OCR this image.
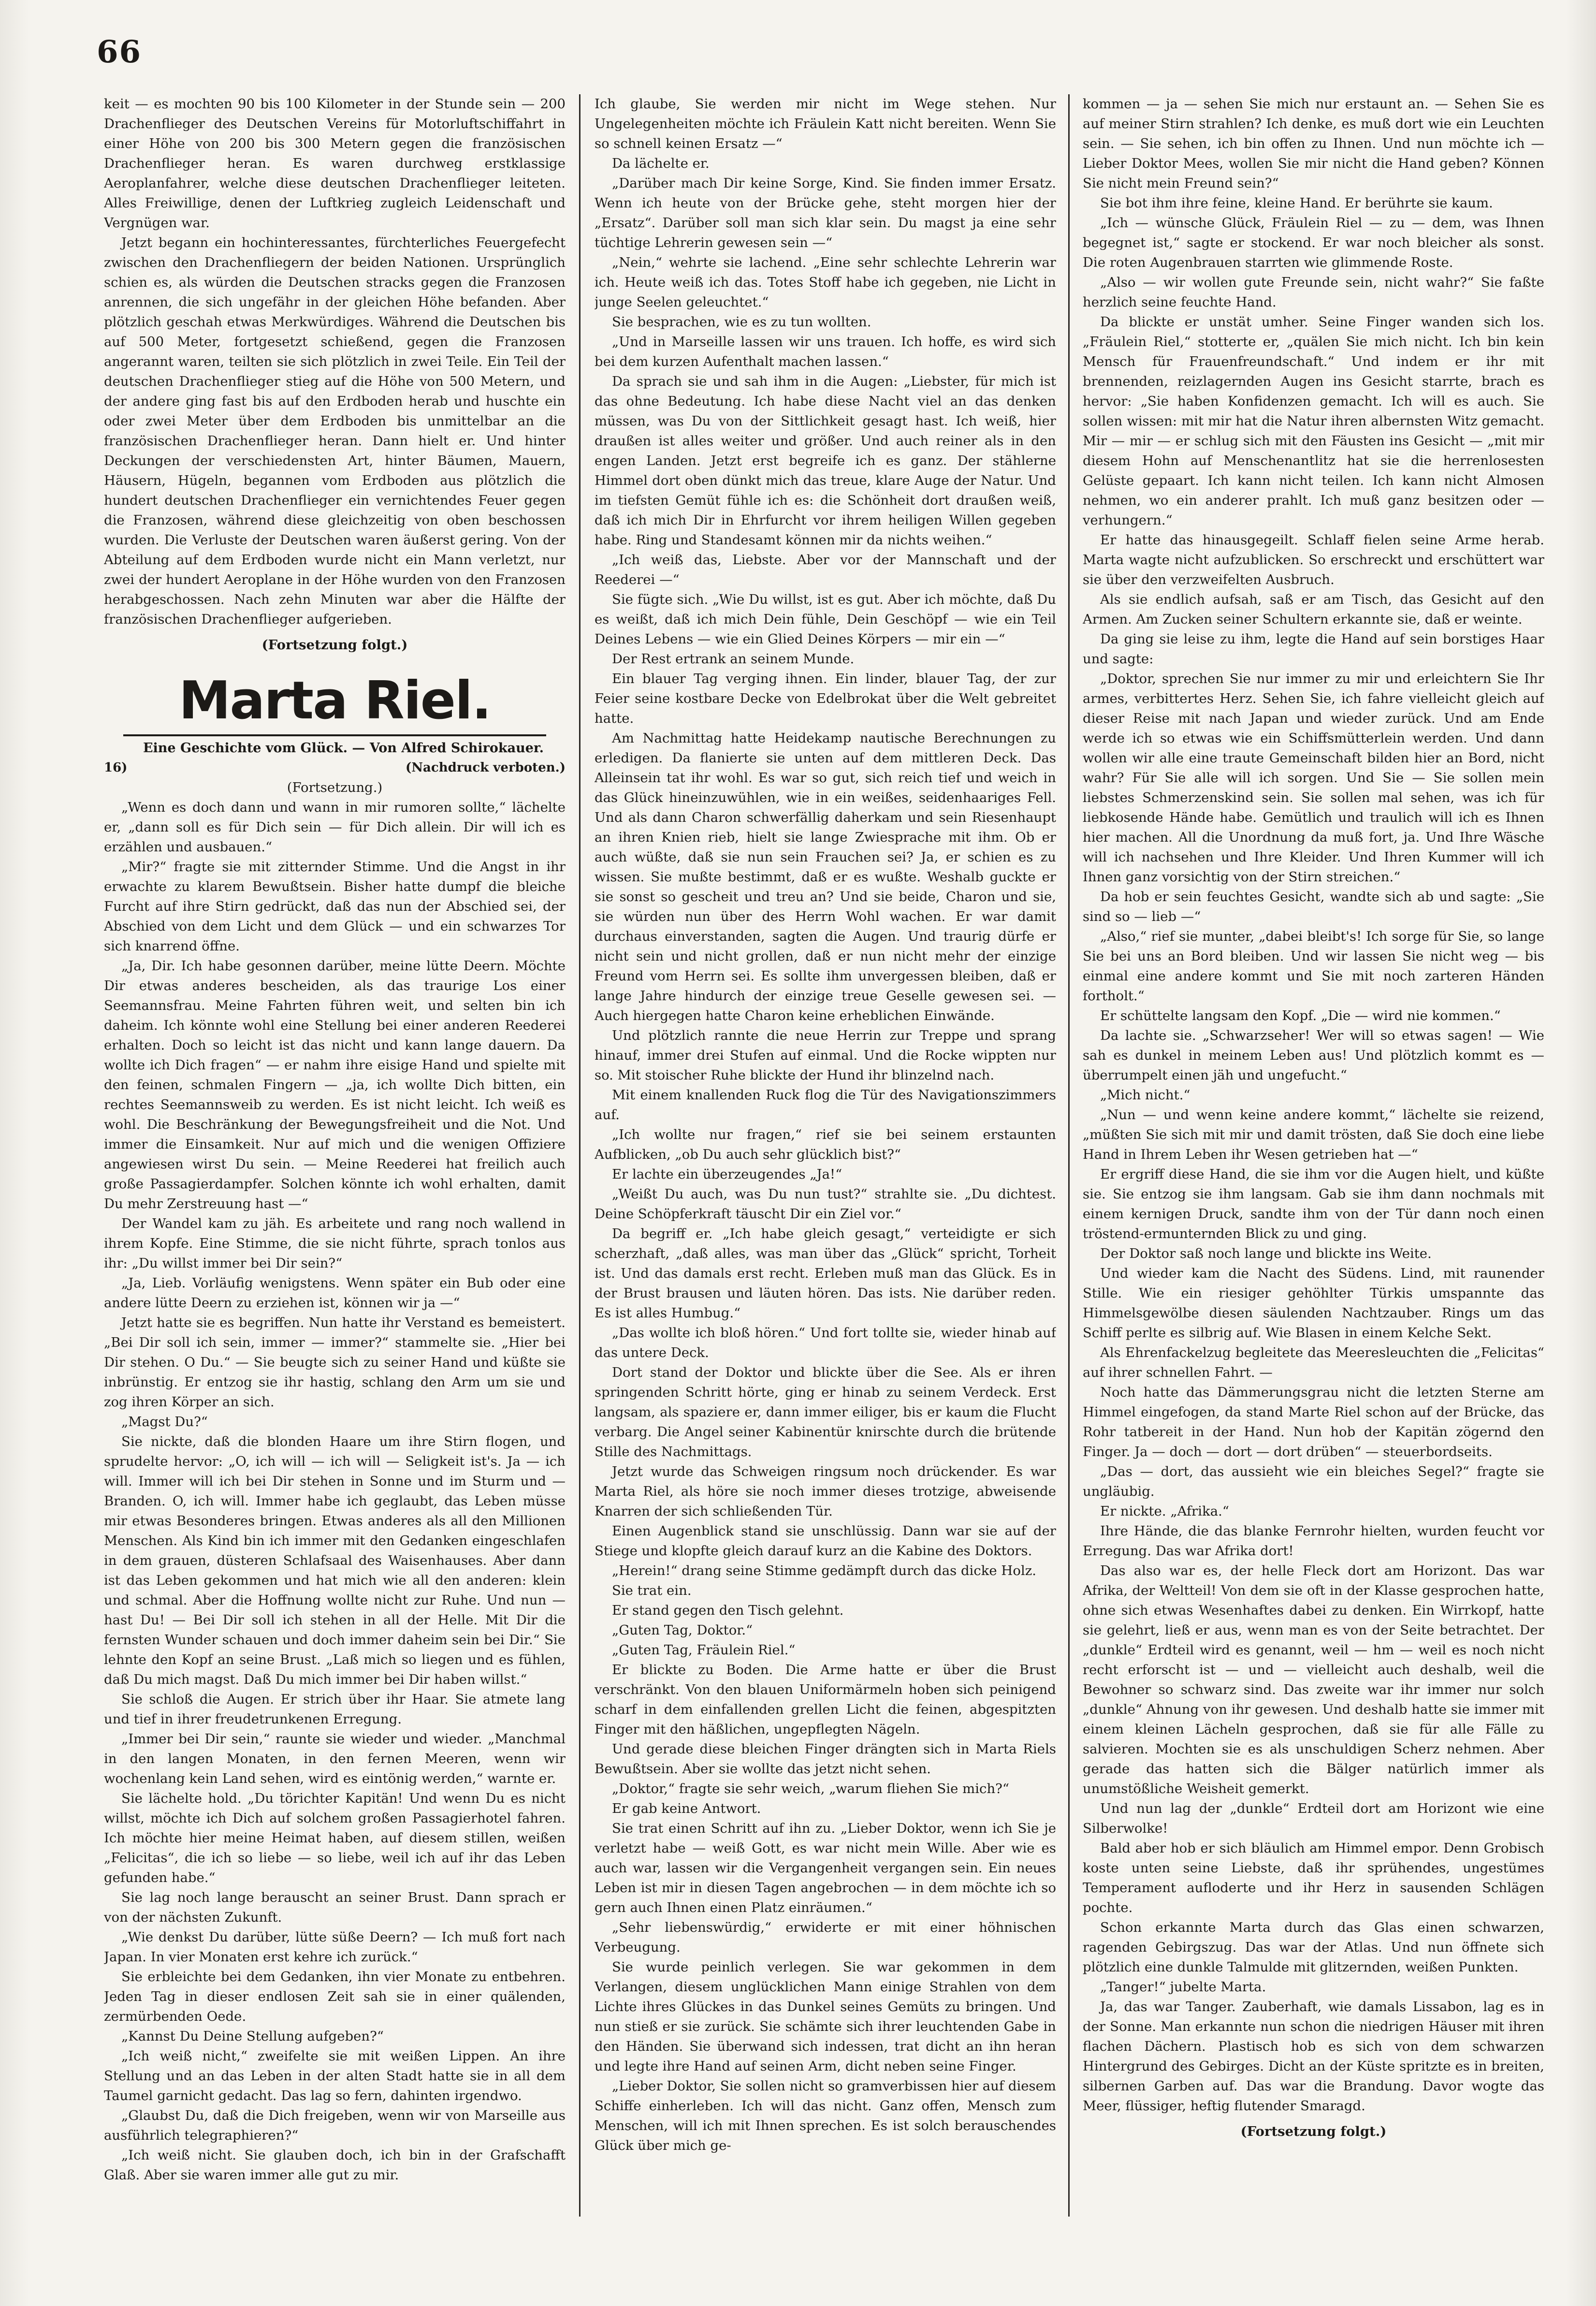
66

keit — es mochten 90 bis 100 Kilometer in der Stunde sein — 200 Drachenflieger des Deutschen Vereins für Motorluftschiffahrt in einer Höhe von 200 bis 300 Metern gegen die französischen Drachenflieger heran. Es waren durchweg erstklassige Aeroplanfahrer, welche diese deutschen Drachenflieger leiteten. Alles Freiwillige, denen der Luftkrieg zugleich Leidenschaft und Vergnügen war.

Jetzt begann ein hochinteressantes, fürchterliches Feuergefecht zwischen den Drachenfliegern der beiden Nationen. Ursprünglich schien es, als würden die Deutschen stracks gegen die Franzosen anrennen, die sich ungefähr in der gleichen Höhe befanden. Aber plötzlich geschah etwas Merkwürdiges. Während die Deutschen bis auf 500 Meter, fortgesetzt schießend, gegen die Franzosen angerannt waren, teilten sie sich plötzlich in zwei Teile. Ein Teil der deutschen Drachenflieger stieg auf die Höhe von 500 Metern, und der andere ging fast bis auf den Erdboden herab und huschte ein oder zwei Meter über dem Erdboden bis unmittelbar an die französischen Drachenflieger heran. Dann hielt er. Und hinter Deckungen der verschiedensten Art, hinter Bäumen, Mauern, Häusern, Hügeln, begannen vom Erdboden aus plötzlich die hundert deutschen Drachenflieger ein vernichtendes Feuer gegen die Franzosen, während diese gleichzeitig von oben beschossen wurden. Die Verluste der Deutschen waren äußerst gering. Von der Abteilung auf dem Erdboden wurde nicht ein Mann verletzt, nur zwei der hundert Aeroplane in der Höhe wurden von den Franzosen herabgeschossen. Nach zehn Minuten war aber die Hälfte der französischen Drachenflieger aufgerieben.

(Fortsetzung folgt.)

Marta Riel.

Eine Geschichte vom Glück. — Von Alfred Schirokauer.

16)	(Nachdruck verboten.)

(Fortsetzung.)

„Wenn es doch dann und wann in mir rumoren sollte,“ lächelte er, „dann soll es für Dich sein — für Dich allein. Dir will ich es erzählen und ausbauen.“

„Mir?“ fragte sie mit zitternder Stimme. Und die Angst in ihr erwachte zu klarem Bewußtsein. Bisher hatte dumpf die bleiche Furcht auf ihre Stirn gedrückt, daß das nun der Abschied sei, der Abschied von dem Licht und dem Glück — und ein schwarzes Tor sich knarrend öffne.

„Ja, Dir. Ich habe gesonnen darüber, meine lütte Deern. Möchte Dir etwas anderes bescheiden, als das traurige Los einer Seemannsfrau. Meine Fahrten führen weit, und selten bin ich daheim. Ich könnte wohl eine Stellung bei einer anderen Reederei erhalten. Doch so leicht ist das nicht und kann lange dauern. Da wollte ich Dich fragen“ — er nahm ihre eisige Hand und spielte mit den feinen, schmalen Fingern — „ja, ich wollte Dich bitten, ein rechtes Seemannsweib zu werden. Es ist nicht leicht. Ich weiß es wohl. Die Beschränkung der Bewegungsfreiheit und die Not. Und immer die Einsamkeit. Nur auf mich und die wenigen Offiziere angewiesen wirst Du sein. — Meine Reederei hat freilich auch große Passagierdampfer. Solchen könnte ich wohl erhalten, damit Du mehr Zerstreuung hast —“

Der Wandel kam zu jäh. Es arbeitete und rang noch wallend in ihrem Kopfe. Eine Stimme, die sie nicht führte, sprach tonlos aus ihr: „Du willst immer bei Dir sein?“

„Ja, Lieb. Vorläufig wenigstens. Wenn später ein Bub oder eine andere lütte Deern zu erziehen ist, können wir ja —“

Jetzt hatte sie es begriffen. Nun hatte ihr Verstand es bemeistert. „Bei Dir soll ich sein, immer — immer?“ stammelte sie. „Hier bei Dir stehen. O Du.“ — Sie beugte sich zu seiner Hand und küßte sie inbrünstig. Er entzog sie ihr hastig, schlang den Arm um sie und zog ihren Körper an sich.

„Magst Du?“

Sie nickte, daß die blonden Haare um ihre Stirn flogen, und sprudelte hervor: „O, ich will — ich will — Seligkeit ist's. Ja — ich will. Immer will ich bei Dir stehen in Sonne und im Sturm und — Branden. O, ich will. Immer habe ich geglaubt, das Leben müsse mir etwas Besonderes bringen. Etwas anderes als all den Millionen Menschen. Als Kind bin ich immer mit den Gedanken eingeschlafen in dem grauen, düsteren Schlafsaal des Waisenhauses. Aber dann ist das Leben gekommen und hat mich wie all den anderen: klein und schmal. Aber die Hoffnung wollte nicht zur Ruhe. Und nun — hast Du! — Bei Dir soll ich stehen in all der Helle. Mit Dir die fernsten Wunder schauen und doch immer daheim sein bei Dir.“ Sie lehnte den Kopf an seine Brust. „Laß mich so liegen und es fühlen, daß Du mich magst. Daß Du mich immer bei Dir haben willst.“

Sie schloß die Augen. Er strich über ihr Haar. Sie atmete lang und tief in ihrer freudetrunkenen Erregung.

„Immer bei Dir sein,“ raunte sie wieder und wieder. „Manchmal in den langen Monaten, in den fernen Meeren, wenn wir wochenlang kein Land sehen, wird es eintönig werden,“ warnte er.

Sie lächelte hold. „Du törichter Kapitän! Und wenn Du es nicht willst, möchte ich Dich auf solchem großen Passagierhotel fahren. Ich möchte hier meine Heimat haben, auf diesem stillen, weißen „Felicitas“, die ich so liebe — so liebe, weil ich auf ihr das Leben gefunden habe.“

Sie lag noch lange berauscht an seiner Brust. Dann sprach er von der nächsten Zukunft.

„Wie denkst Du darüber, lütte süße Deern? — Ich muß fort nach Japan. In vier Monaten erst kehre ich zurück.“

Sie erbleichte bei dem Gedanken, ihn vier Monate zu entbehren. Jeden Tag in dieser endlosen Zeit sah sie in einer quälenden, zermürbenden Oede.

„Kannst Du Deine Stellung aufgeben?“

„Ich weiß nicht,“ zweifelte sie mit weißen Lippen. An ihre Stellung und an das Leben in der alten Stadt hatte sie in all dem Taumel garnicht gedacht. Das lag so fern, dahinten irgendwo.

„Glaubst Du, daß die Dich freigeben, wenn wir von Marseille aus ausführlich telegraphieren?“

„Ich weiß nicht. Sie glauben doch, ich bin in der Grafschafft Glaß. Aber sie waren immer alle gut zu mir.

Ich glaube, Sie werden mir nicht im Wege stehen. Nur Ungelegenheiten möchte ich Fräulein Katt nicht bereiten. Wenn Sie so schnell keinen Ersatz —“

Da lächelte er.

„Darüber mach Dir keine Sorge, Kind. Sie finden immer Ersatz. Wenn ich heute von der Brücke gehe, steht morgen hier der „Ersatz“. Darüber soll man sich klar sein. Du magst ja eine sehr tüchtige Lehrerin gewesen sein —“

„Nein,“ wehrte sie lachend. „Eine sehr schlechte Lehrerin war ich. Heute weiß ich das. Totes Stoff habe ich gegeben, nie Licht in junge Seelen geleuchtet.“

Sie besprachen, wie es zu tun wollten.

„Und in Marseille lassen wir uns trauen. Ich hoffe, es wird sich bei dem kurzen Aufenthalt machen lassen.“

Da sprach sie und sah ihm in die Augen: „Liebster, für mich ist das ohne Bedeutung. Ich habe diese Nacht viel an das denken müssen, was Du von der Sittlichkeit gesagt hast. Ich weiß, hier draußen ist alles weiter und größer. Und auch reiner als in den engen Landen. Jetzt erst begreife ich es ganz. Der stählerne Himmel dort oben dünkt mich das treue, klare Auge der Natur. Und im tiefsten Gemüt fühle ich es: die Schönheit dort draußen weiß, daß ich mich Dir in Ehrfurcht vor ihrem heiligen Willen gegeben habe. Ring und Standesamt können mir da nichts weihen.“

„Ich weiß das, Liebste. Aber vor der Mannschaft und der Reederei —“

Sie fügte sich. „Wie Du willst, ist es gut. Aber ich möchte, daß Du es weißt, daß ich mich Dein fühle, Dein Geschöpf — wie ein Teil Deines Lebens — wie ein Glied Deines Körpers — mir ein —“

Der Rest ertrank an seinem Munde.

Ein blauer Tag verging ihnen. Ein linder, blauer Tag, der zur Feier seine kostbare Decke von Edelbrokat über die Welt gebreitet hatte.

Am Nachmittag hatte Heidekamp nautische Berechnungen zu erledigen. Da flanierte sie unten auf dem mittleren Deck. Das Alleinsein tat ihr wohl. Es war so gut, sich reich tief und weich in das Glück hineinzuwühlen, wie in ein weißes, seidenhaariges Fell. Und als dann Charon schwerfällig daherkam und sein Riesenhaupt an ihren Knien rieb, hielt sie lange Zwiesprache mit ihm. Ob er auch wüßte, daß sie nun sein Frauchen sei? Ja, er schien es zu wissen. Sie mußte bestimmt, daß er es wußte. Weshalb guckte er sie sonst so gescheit und treu an? Und sie beide, Charon und sie, sie würden nun über des Herrn Wohl wachen. Er war damit durchaus einverstanden, sagten die Augen. Und traurig dürfe er nicht sein und nicht grollen, daß er nun nicht mehr der einzige Freund vom Herrn sei. Es sollte ihm unvergessen bleiben, daß er lange Jahre hindurch der einzige treue Geselle gewesen sei. — Auch hiergegen hatte Charon keine erheblichen Einwände.

Und plötzlich rannte die neue Herrin zur Treppe und sprang hinauf, immer drei Stufen auf einmal. Und die Rocke wippten nur so. Mit stoischer Ruhe blickte der Hund ihr blinzelnd nach.

Mit einem knallenden Ruck flog die Tür des Navigationszimmers auf.

„Ich wollte nur fragen,“ rief sie bei seinem erstaunten Aufblicken, „ob Du auch sehr glücklich bist?“

Er lachte ein überzeugendes „Ja!“

„Weißt Du auch, was Du nun tust?“ strahlte sie. „Du dichtest. Deine Schöpferkraft täuscht Dir ein Ziel vor.“

Da begriff er. „Ich habe gleich gesagt,“ verteidigte er sich scherzhaft, „daß alles, was man über das „Glück“ spricht, Torheit ist. Und das damals erst recht. Erleben muß man das Glück. Es in der Brust brausen und läuten hören. Das ists. Nie darüber reden. Es ist alles Humbug.“

„Das wollte ich bloß hören.“ Und fort tollte sie, wieder hinab auf das untere Deck.

Dort stand der Doktor und blickte über die See. Als er ihren springenden Schritt hörte, ging er hinab zu seinem Verdeck. Erst langsam, als spaziere er, dann immer eiliger, bis er kaum die Flucht verbarg. Die Angel seiner Kabinentür knirschte durch die brütende Stille des Nachmittags.

Jetzt wurde das Schweigen ringsum noch drückender. Es war Marta Riel, als höre sie noch immer dieses trotzige, abweisende Knarren der sich schließenden Tür.

Einen Augenblick stand sie unschlüssig. Dann war sie auf der Stiege und klopfte gleich darauf kurz an die Kabine des Doktors.

„Herein!“ drang seine Stimme gedämpft durch das dicke Holz.

Sie trat ein.

Er stand gegen den Tisch gelehnt.

„Guten Tag, Doktor.“

„Guten Tag, Fräulein Riel.“

Er blickte zu Boden. Die Arme hatte er über die Brust verschränkt. Von den blauen Uniformärmeln hoben sich peinigend scharf in dem einfallenden grellen Licht die feinen, abgespitzten Finger mit den häßlichen, ungepflegten Nägeln.

Und gerade diese bleichen Finger drängten sich in Marta Riels Bewußtsein. Aber sie wollte das jetzt nicht sehen.

„Doktor,“ fragte sie sehr weich, „warum fliehen Sie mich?“

Er gab keine Antwort.

Sie trat einen Schritt auf ihn zu. „Lieber Doktor, wenn ich Sie je verletzt habe — weiß Gott, es war nicht mein Wille. Aber wie es auch war, lassen wir die Vergangenheit vergangen sein. Ein neues Leben ist mir in diesen Tagen angebrochen — in dem möchte ich so gern auch Ihnen einen Platz einräumen.“

„Sehr liebenswürdig,“ erwiderte er mit einer höhnischen Verbeugung.

Sie wurde peinlich verlegen. Sie war gekommen in dem Verlangen, diesem unglücklichen Mann einige Strahlen von dem Lichte ihres Glückes in das Dunkel seines Gemüts zu bringen. Und nun stieß er sie zurück. Sie schämte sich ihrer leuchtenden Gabe in den Händen. Sie überwand sich indessen, trat dicht an ihn heran und legte ihre Hand auf seinen Arm, dicht neben seine Finger.

„Lieber Doktor, Sie sollen nicht so gramverbissen hier auf diesem Schiffe einherleben. Ich will das nicht. Ganz offen, Mensch zum Menschen, will ich mit Ihnen sprechen. Es ist solch berauschendes Glück über mich ge-

kommen — ja — sehen Sie mich nur erstaunt an. — Sehen Sie es auf meiner Stirn strahlen? Ich denke, es muß dort wie ein Leuchten sein. — Sie sehen, ich bin offen zu Ihnen. Und nun möchte ich — Lieber Doktor Mees, wollen Sie mir nicht die Hand geben? Können Sie nicht mein Freund sein?“

Sie bot ihm ihre feine, kleine Hand. Er berührte sie kaum.

„Ich — wünsche Glück, Fräulein Riel — zu — dem, was Ihnen begegnet ist,“ sagte er stockend. Er war noch bleicher als sonst. Die roten Augenbrauen starrten wie glimmende Roste.

„Also — wir wollen gute Freunde sein, nicht wahr?“ Sie faßte herzlich seine feuchte Hand.

Da blickte er unstät umher. Seine Finger wanden sich los. „Fräulein Riel,“ stotterte er, „quälen Sie mich nicht. Ich bin kein Mensch für Frauenfreundschaft.“ Und indem er ihr mit brennenden, reizlagernden Augen ins Gesicht starrte, brach es hervor: „Sie haben Konfidenzen gemacht. Ich will es auch. Sie sollen wissen: mit mir hat die Natur ihren albernsten Witz gemacht. Mir — mir — er schlug sich mit den Fäusten ins Gesicht — „mit mir diesem Hohn auf Menschenantlitz hat sie die herrenlosesten Gelüste gepaart. Ich kann nicht teilen. Ich kann nicht Almosen nehmen, wo ein anderer prahlt. Ich muß ganz besitzen oder — verhungern.“

Er hatte das hinausgegeilt. Schlaff fielen seine Arme herab. Marta wagte nicht aufzublicken. So erschreckt und erschüttert war sie über den verzweifelten Ausbruch.

Als sie endlich aufsah, saß er am Tisch, das Gesicht auf den Armen. Am Zucken seiner Schultern erkannte sie, daß er weinte.

Da ging sie leise zu ihm, legte die Hand auf sein borstiges Haar und sagte:

„Doktor, sprechen Sie nur immer zu mir und erleichtern Sie Ihr armes, verbittertes Herz. Sehen Sie, ich fahre vielleicht gleich auf dieser Reise mit nach Japan und wieder zurück. Und am Ende werde ich so etwas wie ein Schiffsmütterlein werden. Und dann wollen wir alle eine traute Gemeinschaft bilden hier an Bord, nicht wahr? Für Sie alle will ich sorgen. Und Sie — Sie sollen mein liebstes Schmerzenskind sein. Sie sollen mal sehen, was ich für liebkosende Hände habe. Gemütlich und traulich will ich es Ihnen hier machen. All die Unordnung da muß fort, ja. Und Ihre Wäsche will ich nachsehen und Ihre Kleider. Und Ihren Kummer will ich Ihnen ganz vorsichtig von der Stirn streichen.“

Da hob er sein feuchtes Gesicht, wandte sich ab und sagte: „Sie sind so — lieb —“

„Also,“ rief sie munter, „dabei bleibt's! Ich sorge für Sie, so lange Sie bei uns an Bord bleiben. Und wir lassen Sie nicht weg — bis einmal eine andere kommt und Sie mit noch zarteren Händen fortholt.“

Er schüttelte langsam den Kopf. „Die — wird nie kommen.“

Da lachte sie. „Schwarzseher! Wer will so etwas sagen! — Wie sah es dunkel in meinem Leben aus! Und plötzlich kommt es — überrumpelt einen jäh und ungefucht.“

„Mich nicht.“

„Nun — und wenn keine andere kommt,“ lächelte sie reizend, „müßten Sie sich mit mir und damit trösten, daß Sie doch eine liebe Hand in Ihrem Leben ihr Wesen getrieben hat —“

Er ergriff diese Hand, die sie ihm vor die Augen hielt, und küßte sie. Sie entzog sie ihm langsam. Gab sie ihm dann nochmals mit einem kernigen Druck, sandte ihm von der Tür dann noch einen tröstend-ermunternden Blick zu und ging.

Der Doktor saß noch lange und blickte ins Weite.

Und wieder kam die Nacht des Südens. Lind, mit raunender Stille. Wie ein riesiger gehöhlter Türkis umspannte das Himmelsgewölbe diesen säulenden Nachtzauber. Rings um das Schiff perlte es silbrig auf. Wie Blasen in einem Kelche Sekt.

Als Ehrenfackelzug begleitete das Meeresleuchten die „Felicitas“ auf ihrer schnellen Fahrt. —

Noch hatte das Dämmerungsgrau nicht die letzten Sterne am Himmel eingefogen, da stand Marte Riel schon auf der Brücke, das Rohr tatbereit in der Hand. Nun hob der Kapitän zögernd den Finger. Ja — doch — dort — dort drüben“ — steuerbordseits.

„Das — dort, das aussieht wie ein bleiches Segel?“ fragte sie ungläubig.

Er nickte. „Afrika.“

Ihre Hände, die das blanke Fernrohr hielten, wurden feucht vor Erregung. Das war Afrika dort!

Das also war es, der helle Fleck dort am Horizont. Das war Afrika, der Weltteil! Von dem sie oft in der Klasse gesprochen hatte, ohne sich etwas Wesenhaftes dabei zu denken. Ein Wirrkopf, hatte sie gelehrt, ließ er aus, wenn man es von der Seite betrachtet. Der „dunkle“ Erdteil wird es genannt, weil — hm — weil es noch nicht recht erforscht ist — und — vielleicht auch deshalb, weil die Bewohner so schwarz sind. Das zweite war ihr immer nur solch „dunkle“ Ahnung von ihr gewesen. Und deshalb hatte sie immer mit einem kleinen Lächeln gesprochen, daß sie für alle Fälle zu salvieren. Mochten sie es als unschuldigen Scherz nehmen. Aber gerade das hatten sich die Bälger natürlich immer als unumstößliche Weisheit gemerkt.

Und nun lag der „dunkle“ Erdteil dort am Horizont wie eine Silberwolke!

Bald aber hob er sich bläulich am Himmel empor. Denn Grobisch koste unten seine Liebste, daß ihr sprühendes, ungestümes Temperament aufloderte und ihr Herz in sausenden Schlägen pochte.

Schon erkannte Marta durch das Glas einen schwarzen, ragenden Gebirgszug. Das war der Atlas. Und nun öffnete sich plötzlich eine dunkle Talmulde mit glitzernden, weißen Punkten.

„Tanger!“ jubelte Marta.

Ja, das war Tanger. Zauberhaft, wie damals Lissabon, lag es in der Sonne. Man erkannte nun schon die niedrigen Häuser mit ihren flachen Dächern. Plastisch hob es sich von dem schwarzen Hintergrund des Gebirges. Dicht an der Küste spritzte es in breiten, silbernen Garben auf. Das war die Brandung. Davor wogte das Meer, flüssiger, heftig flutender Smaragd.

(Fortsetzung folgt.)
